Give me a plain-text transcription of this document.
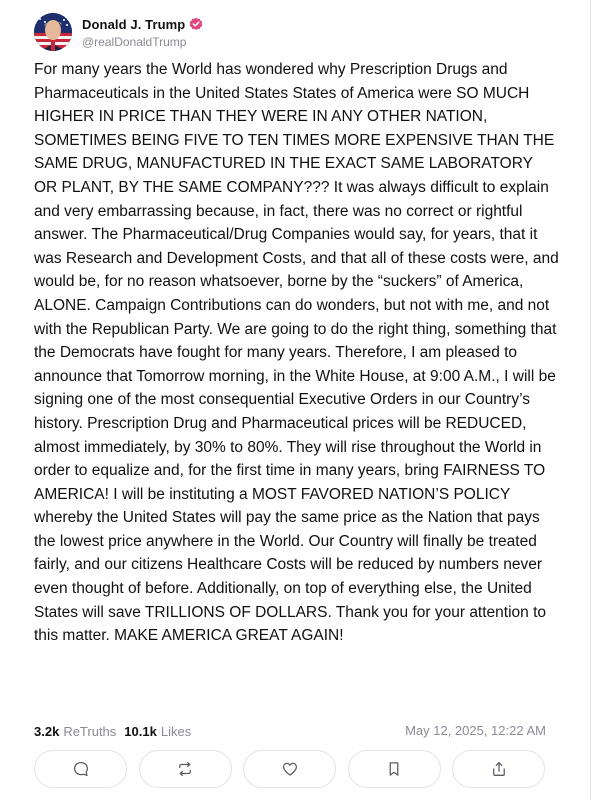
Donald J. Trump
@realDonaldTrump
For many years the World has wondered why Prescription Drugs and Pharmaceuticals in the United States States of America were SO MUCH HIGHER IN PRICE THAN THEY WERE IN ANY OTHER NATION, SOMETIMES BEING FIVE TO TEN TIMES MORE EXPENSIVE THAN THE SAME DRUG, MANUFACTURED IN THE EXACT SAME LABORATORY OR PLANT, BY THE SAME COMPANY??? It was always difficult to explain and very embarrassing because, in fact, there was no correct or rightful answer. The Pharmaceutical/Drug Companies would say, for years, that it was Research and Development Costs, and that all of these costs were, and would be, for no reason whatsoever, borne by the “suckers” of America, ALONE. Campaign Contributions can do wonders, but not with me, and not with the Republican Party. We are going to do the right thing, something that the Democrats have fought for many years. Therefore, I am pleased to announce that Tomorrow morning, in the White House, at 9:00 A.M., I will be signing one of the most consequential Executive Orders in our Country’s history. Prescription Drug and Pharmaceutical prices will be REDUCED, almost immediately, by 30% to 80%. They will rise throughout the World in order to equalize and, for the first time in many years, bring FAIRNESS TO AMERICA! I will be instituting a MOST FAVORED NATION’S POLICY whereby the United States will pay the same price as the Nation that pays the lowest price anywhere in the World. Our Country will finally be treated fairly, and our citizens Healthcare Costs will be reduced by numbers never even thought of before. Additionally, on top of everything else, the United States will save TRILLIONS OF DOLLARS. Thank you for your attention to this matter. MAKE AMERICA GREAT AGAIN!
3.2k ReTruths 10.1k Likes	May 12, 2025, 12:22 AM
